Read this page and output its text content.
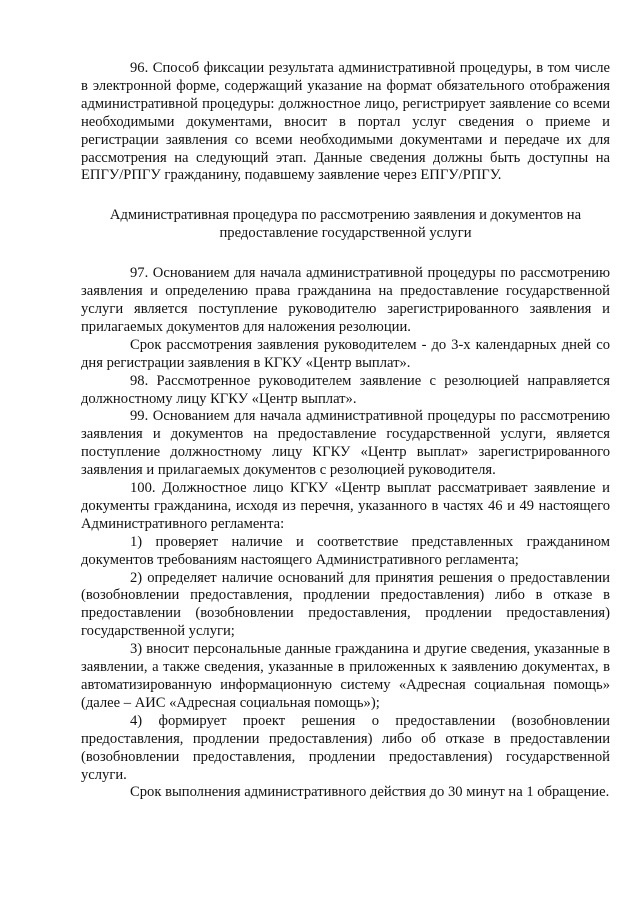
96. Способ фиксации результата административной процедуры, в том числе в электронной форме, содержащий указание на формат обязательного отображения административной процедуры: должностное лицо, регистрирует заявление со всеми необходимыми документами, вносит в портал услуг сведения о приеме и регистрации заявления со всеми необходимыми документами и передаче их для рассмотрения на следующий этап. Данные сведения должны быть доступны на ЕПГУ/РПГУ гражданину, подавшему заявление через ЕПГУ/РПГУ.

Административная процедура по рассмотрению заявления и документов на предоставление государственной услуги

97. Основанием для начала административной процедуры по рассмотрению заявления и определению права гражданина на предоставление государственной услуги является поступление руководителю зарегистрированного заявления и прилагаемых документов для наложения резолюции.

Срок рассмотрения заявления руководителем - до 3-х календарных дней со дня регистрации заявления в КГКУ «Центр выплат».

98. Рассмотренное руководителем заявление с резолюцией направляется должностному лицу КГКУ «Центр выплат».

99. Основанием для начала административной процедуры по рассмотрению заявления и документов на предоставление государственной услуги, является поступление должностному лицу КГКУ «Центр выплат» зарегистрированного заявления и прилагаемых документов с резолюцией руководителя.

100. Должностное лицо КГКУ «Центр выплат рассматривает заявление и документы гражданина, исходя из перечня, указанного в частях 46 и 49 настоящего Административного регламента:

1) проверяет наличие и соответствие представленных гражданином документов требованиям настоящего Административного регламента;

2) определяет наличие оснований для принятия решения о предоставлении (возобновлении предоставления, продлении предоставления) либо в отказе в предоставлении (возобновлении предоставления, продлении предоставления) государственной услуги;

3) вносит персональные данные гражданина и другие сведения, указанные в заявлении, а также сведения, указанные в приложенных к заявлению документах, в автоматизированную информационную систему «Адресная социальная помощь» (далее – АИС «Адресная социальная помощь»);

4) формирует проект решения о предоставлении (возобновлении предоставления, продлении предоставления) либо об отказе в предоставлении (возобновлении предоставления, продлении предоставления) государственной услуги.

Срок выполнения административного действия до 30 минут на 1 обращение.
